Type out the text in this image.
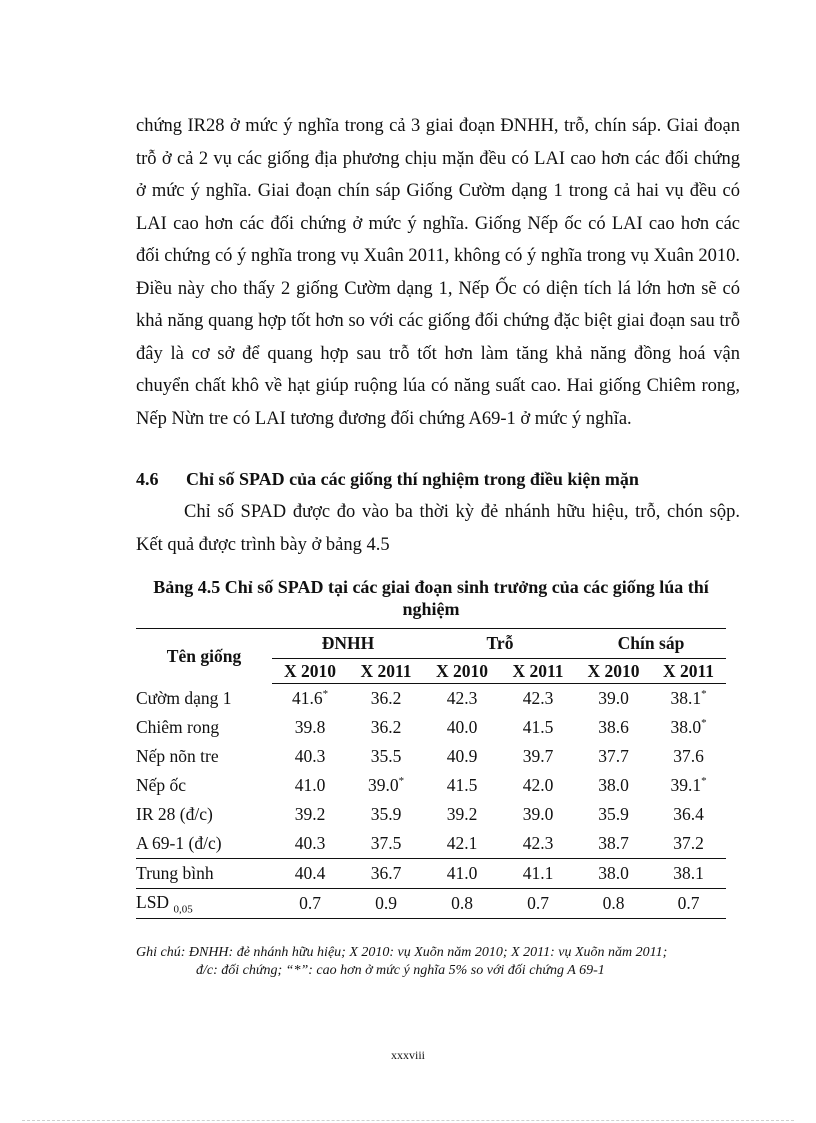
chứng IR28 ở mức ý nghĩa trong cả 3 giai đoạn ĐNHH, trỗ, chín sáp. Giai đoạn trỗ ở cả 2 vụ các giống địa phương chịu mặn đều có LAI cao hơn các đối chứng ở mức ý nghĩa. Giai đoạn chín sáp Giống Cườm dạng 1 trong cả hai vụ đều có LAI cao hơn các đối chứng ở mức ý nghĩa. Giống Nếp ốc có LAI cao hơn các đối chứng có ý nghĩa trong vụ Xuân 2011, không có ý nghĩa trong vụ Xuân 2010. Điều này cho thấy 2 giống Cườm dạng 1, Nếp Ốc có diện tích lá lớn hơn sẽ có khả năng quang hợp tốt hơn so với các giống đối chứng đặc biệt giai đoạn sau trỗ đây là cơ sở để quang hợp sau trỗ tốt hơn làm tăng khả năng đồng hoá vận chuyển chất khô về hạt giúp ruộng lúa có năng suất cao. Hai giống Chiêm rong, Nếp Nừn tre có LAI tương đương đối chứng A69-1 ở mức ý nghĩa.

4.6 Chỉ số SPAD của các giống thí nghiệm trong điều kiện mặn

Chỉ số SPAD được đo vào ba thời kỳ đẻ nhánh hữu hiệu, trỗ, chón sộp. Kết quả được trình bày ở bảng 4.5

Bảng 4.5 Chỉ số SPAD tại các giai đoạn sinh trưởng của các giống lúa thí nghiệm
Tên giống	ĐNHH		Trỗ		Chín sáp	
	X 2010	X 2011	X 2010	X 2011	X 2010	X 2011
Cườm dạng 1	41.6*	36.2	42.3	42.3	39.0	38.1*
Chiêm rong	39.8	36.2	40.0	41.5	38.6	38.0*
Nếp nõn tre	40.3	35.5	40.9	39.7	37.7	37.6
Nếp ốc	41.0	39.0*	41.5	42.0	38.0	39.1*
IR 28 (đ/c)	39.2	35.9	39.2	39.0	35.9	36.4
A 69-1 (đ/c)	40.3	37.5	42.1	42.3	38.7	37.2
Trung bình	40.4	36.7	41.0	41.1	38.0	38.1
LSD $_{0,05}$	0.7	0.9	0.8	0.7	0.8	0.7
Ghi chú: ĐNHH: đẻ nhánh hữu hiệu; X 2010: vụ Xuõn năm 2010; X 2011: vụ Xuõn năm 2011;
đ/c: đối chứng; “*”: cao hơn ở mức ý nghĩa 5% so với đối chứng A 69-1
xxxviii
